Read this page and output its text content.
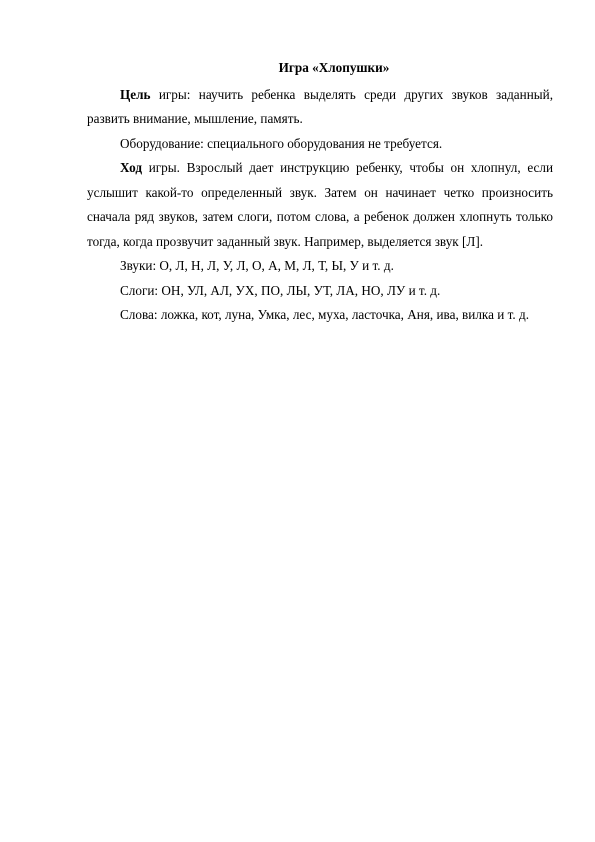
Игра «Хлопушки»

Цель игры: научить ребенка выделять среди других звуков заданный, развить внимание, мышление, память.

Оборудование: специального оборудования не требуется.

Ход игры. Взрослый дает инструкцию ребенку, чтобы он хлопнул, если услышит какой-то определенный звук. Затем он начинает четко произносить сначала ряд звуков, затем слоги, потом слова, а ребенок должен хлопнуть только тогда, когда прозвучит заданный звук. Например, выделяется звук [Л].

Звуки: О, Л, Н, Л, У, Л, О, А, М, Л, Т, Ы, У и т. д.

Слоги: ОН, УЛ, АЛ, УХ, ПО, ЛЫ, УТ, ЛА, НО, ЛУ и т. д.

Слова: ложка, кот, луна, Умка, лес, муха, ласточка, Аня, ива, вилка и т. д.
